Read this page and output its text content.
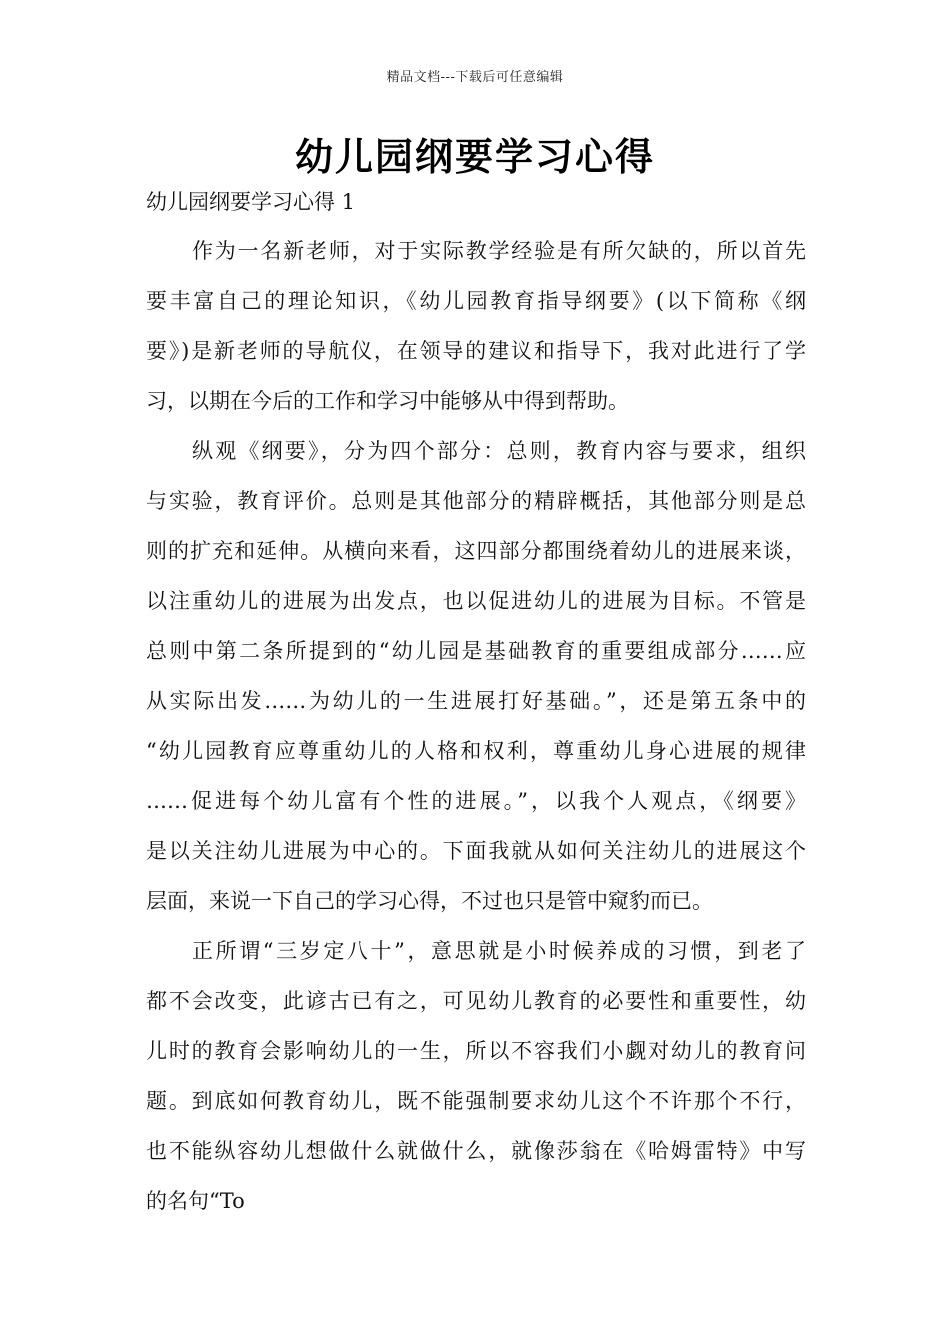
精品文档---下载后可任意编辑
幼儿园纲要学习心得
幼儿园纲要学习心得 1
作为一名新老师，对于实际教学经验是有所欠缺的，所以首先
要丰富自己的理论知识，《幼儿园教育指导纲要》(以下简称《纲
要》)是新老师的导航仪，在领导的建议和指导下，我对此进行了学
习，以期在今后的工作和学习中能够从中得到帮助。
纵观《纲要》，分为四个部分：总则，教育内容与要求，组织
与实验，教育评价。总则是其他部分的精辟概括，其他部分则是总
则的扩充和延伸。从横向来看，这四部分都围绕着幼儿的进展来谈，
以注重幼儿的进展为出发点，也以促进幼儿的进展为目标。不管是
总则中第二条所提到的“幼儿园是基础教育的重要组成部分……应
从实际出发……为幼儿的一生进展打好基础。”，还是第五条中的
“幼儿园教育应尊重幼儿的人格和权利，尊重幼儿身心进展的规律
……促进每个幼儿富有个性的进展。”，以我个人观点，《纲要》
是以关注幼儿进展为中心的。下面我就从如何关注幼儿的进展这个
层面，来说一下自己的学习心得，不过也只是管中窥豹而已。
正所谓“三岁定八十”，意思就是小时候养成的习惯，到老了
都不会改变，此谚古已有之，可见幼儿教育的必要性和重要性，幼
儿时的教育会影响幼儿的一生，所以不容我们小觑对幼儿的教育问
题。到底如何教育幼儿，既不能强制要求幼儿这个不许那个不行，
也不能纵容幼儿想做什么就做什么，就像莎翁在《哈姆雷特》中写
的名句“To
